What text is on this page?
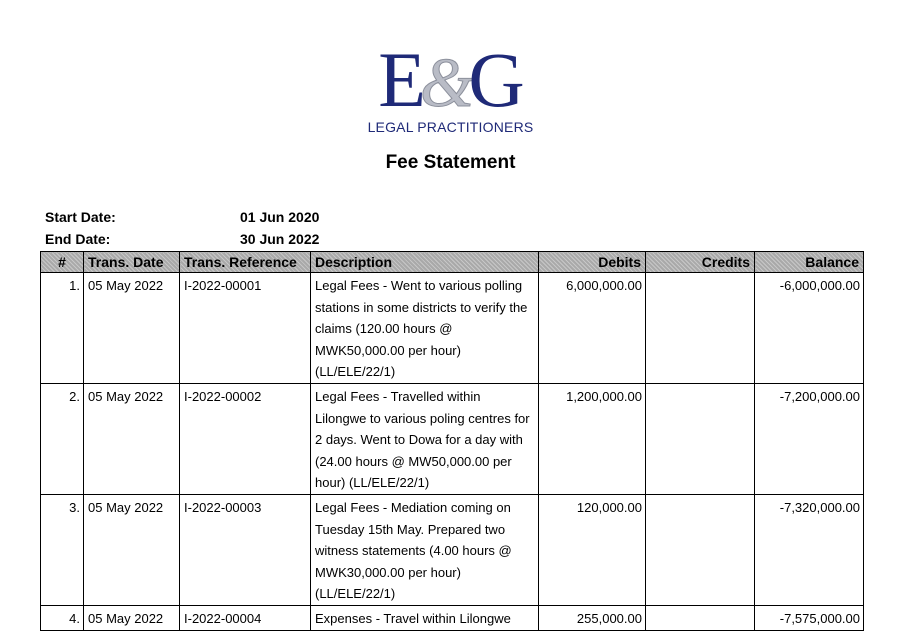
E&G
LEGAL PRACTITIONERS
Fee Statement
Start Date:	01 Jun 2020
End Date:	30 Jun 2022
#	Trans. Date	Trans. Reference	Description	Debits	Credits	Balance
1.	05 May 2022	I-2022-00001	Legal Fees - Went to various polling stations in some districts to verify the claims (120.00 hours @ MWK50,000.00 per hour) (LL/ELE/22/1)	6,000,000.00		-6,000,000.00
2.	05 May 2022	I-2022-00002	Legal Fees - Travelled within Lilongwe to various poling centres for 2 days. Went to Dowa for a day with (24.00 hours @ MW50,000.00 per hour) (LL/ELE/22/1)	1,200,000.00		-7,200,000.00
3.	05 May 2022	I-2022-00003	Legal Fees - Mediation coming on Tuesday 15th May. Prepared two witness statements (4.00 hours @ MWK30,000.00 per hour) (LL/ELE/22/1)	120,000.00		-7,320,000.00
4.	05 May 2022	I-2022-00004	Expenses - Travel within Lilongwe	255,000.00		-7,575,000.00
